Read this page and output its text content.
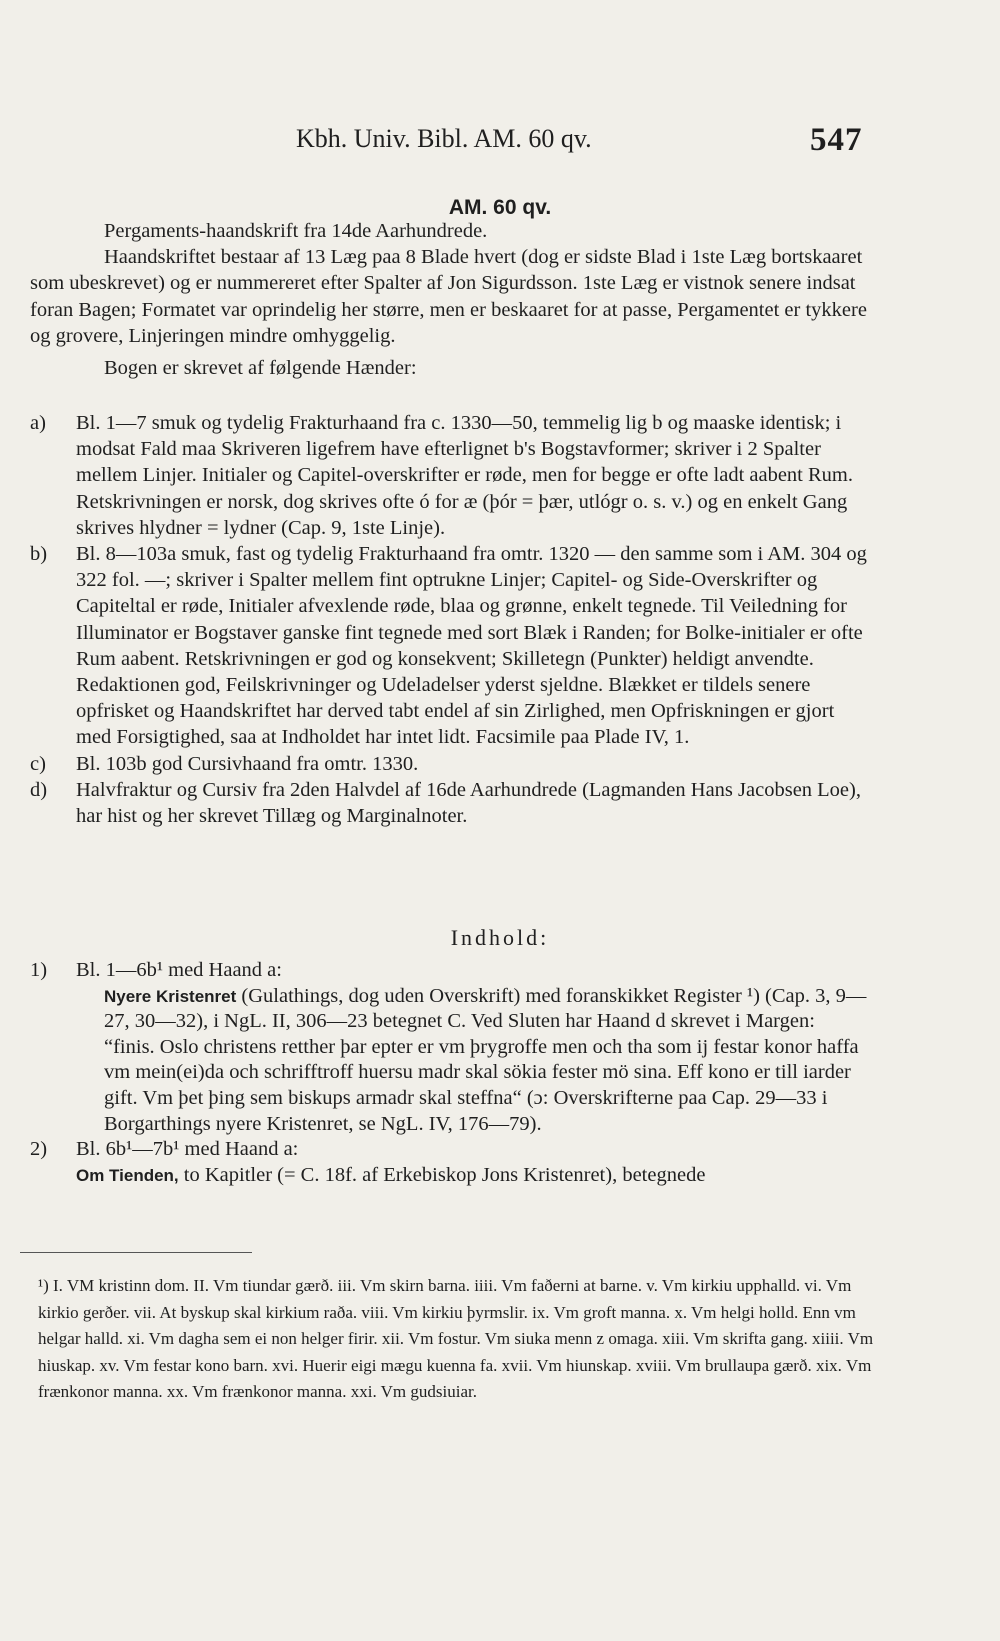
Kbh. Univ. Bibl. AM. 60 qv.	547
AM. 60 qv.

Pergaments-haandskrift fra 14de Aarhundrede.

Haandskriftet bestaar af 13 Læg paa 8 Blade hvert (dog er sidste Blad i 1ste Læg bortskaaret som ubeskrevet) og er nummereret efter Spalter af Jon Sigurdsson. 1ste Læg er vistnok senere indsat foran Bagen; Formatet var oprindelig her større, men er beskaaret for at passe, Pergamentet er tykkere og grovere, Linjeringen mindre omhyggelig.

Bogen er skrevet af følgende Hænder:

a) Bl. 1—7 smuk og tydelig Frakturhaand fra c. 1330—50, temmelig lig b og maaske identisk; i modsat Fald maa Skriveren ligefrem have efterlignet b's Bogstavformer; skriver i 2 Spalter mellem Linjer. Initialer og Capitel-overskrifter er røde, men for begge er ofte ladt aabent Rum. Retskrivningen er norsk, dog skrives ofte ó for æ (þór = þær, utlógr o. s. v.) og en enkelt Gang skrives hlydner = lydner (Cap. 9, 1ste Linje).
b) Bl. 8—103a smuk, fast og tydelig Frakturhaand fra omtr. 1320 — den samme som i AM. 304 og 322 fol. —; skriver i Spalter mellem fint optrukne Linjer; Capitel- og Side-Overskrifter og Capiteltal er røde, Initialer afvexlende røde, blaa og grønne, enkelt tegnede. Til Veiledning for Illuminator er Bogstaver ganske fint tegnede med sort Blæk i Randen; for Bolke-initialer er ofte Rum aabent. Retskrivningen er god og konsekvent; Skilletegn (Punkter) heldigt anvendte. Redaktionen god, Feilskrivninger og Udeladelser yderst sjeldne. Blækket er tildels senere opfrisket og Haandskriftet har derved tabt endel af sin Zirlighed, men Opfriskningen er gjort med Forsigtighed, saa at Indholdet har intet lidt. Facsimile paa Plade IV, 1.
c) Bl. 103b god Cursivhaand fra omtr. 1330.
d) Halvfraktur og Cursiv fra 2den Halvdel af 16de Aarhundrede (Lagmanden Hans Jacobsen Loe), har hist og her skrevet Tillæg og Marginalnoter.
Indhold:
1) Bl. 1—6b¹ med Haand a:
Nyere Kristenret (Gulathings, dog uden Overskrift) med foranskikket Register ¹) (Cap. 3, 9—27, 30—32), i NgL. II, 306—23 betegnet C. Ved Sluten har Haand d skrevet i Margen: “finis. Oslo christens retther þar epter er vm þrygroffe men och tha som ij festar konor haffa vm mein(ei)da och schrifftroff huersu madr skal sökia fester mö sina. Eff kono er till iarder gift. Vm þet þing sem biskups armadr skal steffna“ (ɔ: Overskrifterne paa Cap. 29—33 i Borgarthings nyere Kristenret, se NgL. IV, 176—79).
2) Bl. 6b¹—7b¹ med Haand a:
Om Tienden, to Kapitler (= C. 18f. af Erkebiskop Jons Kristenret), betegnede
¹) I. VM kristinn dom. II. Vm tiundar gærð. iii. Vm skirn barna. iiii. Vm faðerni at barne. v. Vm kirkiu upphalld. vi. Vm kirkio gerðer. vii. At byskup skal kirkium raða. viii. Vm kirkiu þyrmslir. ix. Vm groft manna. x. Vm helgi holld. Enn vm helgar halld. xi. Vm dagha sem ei non helger firir. xii. Vm fostur. Vm siuka menn z omaga. xiii. Vm skrifta gang. xiiii. Vm hiuskap. xv. Vm festar kono barn. xvi. Huerir eigi mægu kuenna fa. xvii. Vm hiunskap. xviii. Vm brullaupa gærð. xix. Vm frænkonor manna. xx. Vm frænkonor manna. xxi. Vm gudsiuiar.
